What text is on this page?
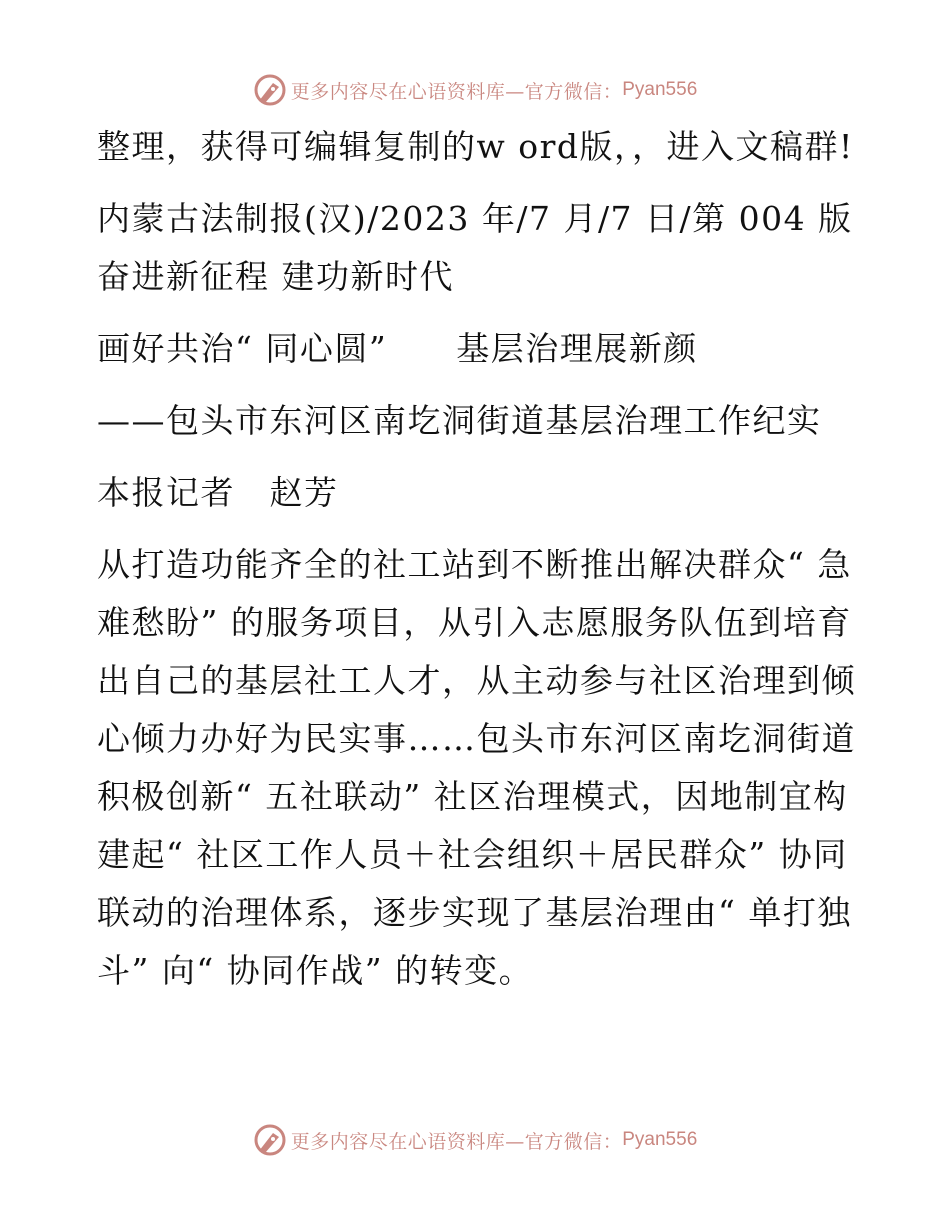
更多内容尽在心语资料库—官方微信： Pyan556

整理，获得可编辑复制的w ord版，，进入文稿群!

内蒙古法制报(汉)/2023 年/7 月/7 日/第 004 版奋进新征程 建功新时代

画好共治“ 同心圆”　　基层治理展新颜

——包头市东河区南圪洞街道基层治理工作纪实

本报记者　赵芳

从打造功能齐全的社工站到不断推出解决群众“ 急难愁盼” 的服务项目，从引入志愿服务队伍到培育出自己的基层社工人才，从主动参与社区治理到倾心倾力办好为民实事……包头市东河区南圪洞街道积极创新“ 五社联动” 社区治理模式，因地制宜构建起“ 社区工作人员＋社会组织＋居民群众” 协同联动的治理体系，逐步实现了基层治理由“ 单打独斗” 向“ 协同作战” 的转变。

更多内容尽在心语资料库—官方微信： Pyan556
